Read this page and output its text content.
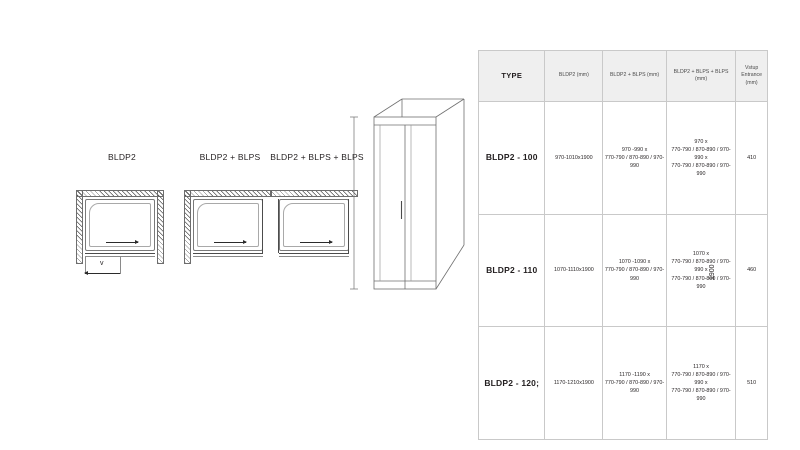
BLDP2
v
BLDP2 + BLPS	BLDP2 + BLPS + BLPS
1900
TYPE	BLDP2 (mm)	BLDP2 + BLPS (mm)	BLDP2 + BLPS + BLPS (mm)	Vstup Entrance (mm)
BLDP2 - 100	970-1010x1900	970 -990 x
770-790 / 870-890 / 970-990	970 x
770-790 / 870-890 / 970-990 x
770-790 / 870-890 / 970-990	410
BLDP2 - 110	1070-1110x1900	1070 -1090 x
770-790 / 870-890 / 970-990	1070 x
770-790 / 870-890 / 970-990 x
770-790 / 870-890 / 970-990	460
BLDP2 - 120;	1170-1210x1900	1170 -1190 x
770-790 / 870-890 / 970-990	1170 x
770-790 / 870-890 / 970-990 x
770-790 / 870-890 / 970-990	510
